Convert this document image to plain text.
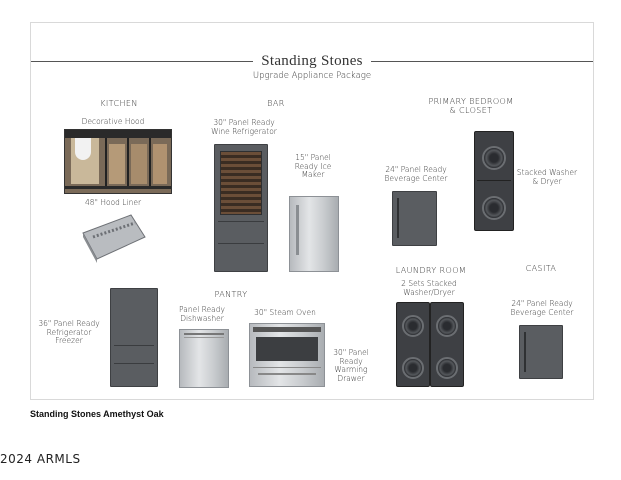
Standing Stones
Upgrade Appliance Package
KITCHEN	BAR	PRIMARY BEDROOM
& CLOSET
PANTRY
LAUNDRY ROOM	CASITA
Decorative Hood
48" Hood Liner
36" Panel Ready
Refrigerator
Freezer
30" Panel Ready
Wine Refrigerator
15" Panel
Ready Ice
Maker
24" Panel Ready
Beverage Center
Stacked Washer
& Dryer
Panel Ready
Dishwasher
30" Steam Oven
30" Panel
Ready
Warming
Drawer
2 Sets Stacked
Washer/Dryer
24" Panel Ready
Beverage Center
Standing Stones Amethyst Oak
2024 ARMLS
